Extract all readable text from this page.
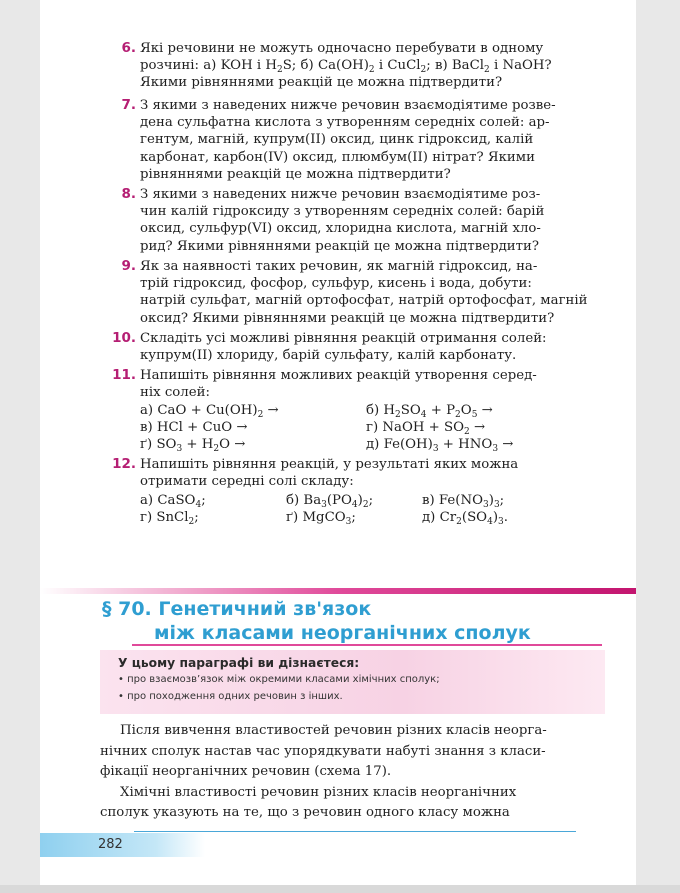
6. Які речовини не можуть одночасно перебувати в одному
розчині: а) KOH і $H_2S$; б) $Ca(OH)_2$ і CuCl$_2$; в) BaCl$_2$ і NaOH?
Якими рівняннями реакцій це можна підтвердити?
7. З якими з наведених нижче речовин взаємодіятиме розве-
дена сульфатна кислота з утворенням середніх солей: ар-
гентум, магній, купрум(ІІ) оксид, цинк гідроксид, калій
карбонат, карбон(IV) оксид, плюмбум(ІІ) нітрат? Якими
рівняннями реакцій це можна підтвердити?
8. З якими з наведених нижче речовин взаємодіятиме роз-
чин калій гідроксиду з утворенням середніх солей: барій
оксид, сульфур(VI) оксид, хлоридна кислота, магній хло-
рид? Якими рівняннями реакцій це можна підтвердити?
9. Як за наявності таких речовин, як магній гідроксид, на-
трій гідроксид, фосфор, сульфур, кисень і вода, добути:
натрій сульфат, магній ортофосфат, натрій ортофосфат, магній
оксид? Якими рівняннями реакцій це можна підтвердити?
10. Складіть усі можливі рівняння реакцій отримання солей:
купрум(ІІ) хлориду, барій сульфату, калій карбонату.
11. Напишіть рівняння можливих реакцій утворення серед-
ніх солей:
12. Напишіть рівняння реакцій, у результаті яких можна
отримати середні солі складу:
а) CaO + $Cu(OH)_2$ →	б) $H_2SO_4 + P_2O_5$ →
в) HCl + CuO →	г) NaOH + $SO_2$ →
ґ) $SO_3 + H_2O$ →	д) $Fe(OH)_3 + HNO_3$ →
а) CaSO$_4$;	б) $Ba_3(PO_4)_2$;	в) $Fe(NO_3)_3$;
г) SnCl$_2$;	ґ) MgCO$_3$;	д) $Cr_2(SO_4)_3$.
§ 70. Генетичний зв'язок
між класами неорганічних сполук
У цьому параграфі ви дізнаєтеся:
• про взаємозв’язок між окремими класами хімічних сполук;
• про походження одних речовин з інших.
Після вивчення властивостей речовин різних класів неорга-
нічних сполук настав час упорядкувати набуті знання з класи-
фікації неорганічних речовин (схема 17).
Хімічні властивості речовин різних класів неорганічних
сполук указують на те, що з речовин одного класу можна
282
